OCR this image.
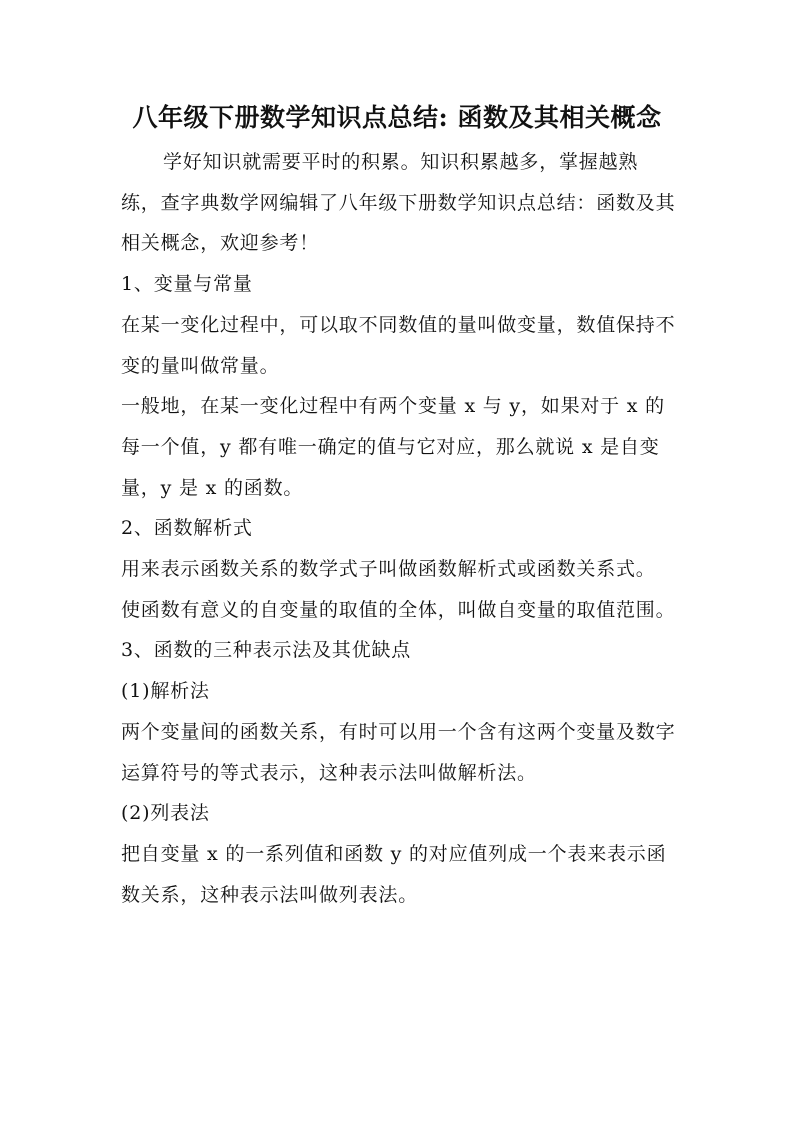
八年级下册数学知识点总结: 函数及其相关概念

学好知识就需要平时的积累。知识积累越多，掌握越熟练，查字典数学网编辑了八年级下册数学知识点总结：函数及其相关概念，欢迎参考！

1、变量与常量

在某一变化过程中，可以取不同数值的量叫做变量，数值保持不变的量叫做常量。

一般地，在某一变化过程中有两个变量 x 与 y，如果对于 x 的每一个值，y 都有唯一确定的值与它对应，那么就说 x 是自变量，y 是 x 的函数。

2、函数解析式

用来表示函数关系的数学式子叫做函数解析式或函数关系式。

使函数有意义的自变量的取值的全体，叫做自变量的取值范围。

3、函数的三种表示法及其优缺点

(1)解析法

两个变量间的函数关系，有时可以用一个含有这两个变量及数字运算符号的等式表示，这种表示法叫做解析法。

(2)列表法

把自变量 x 的一系列值和函数 y 的对应值列成一个表来表示函数关系，这种表示法叫做列表法。
